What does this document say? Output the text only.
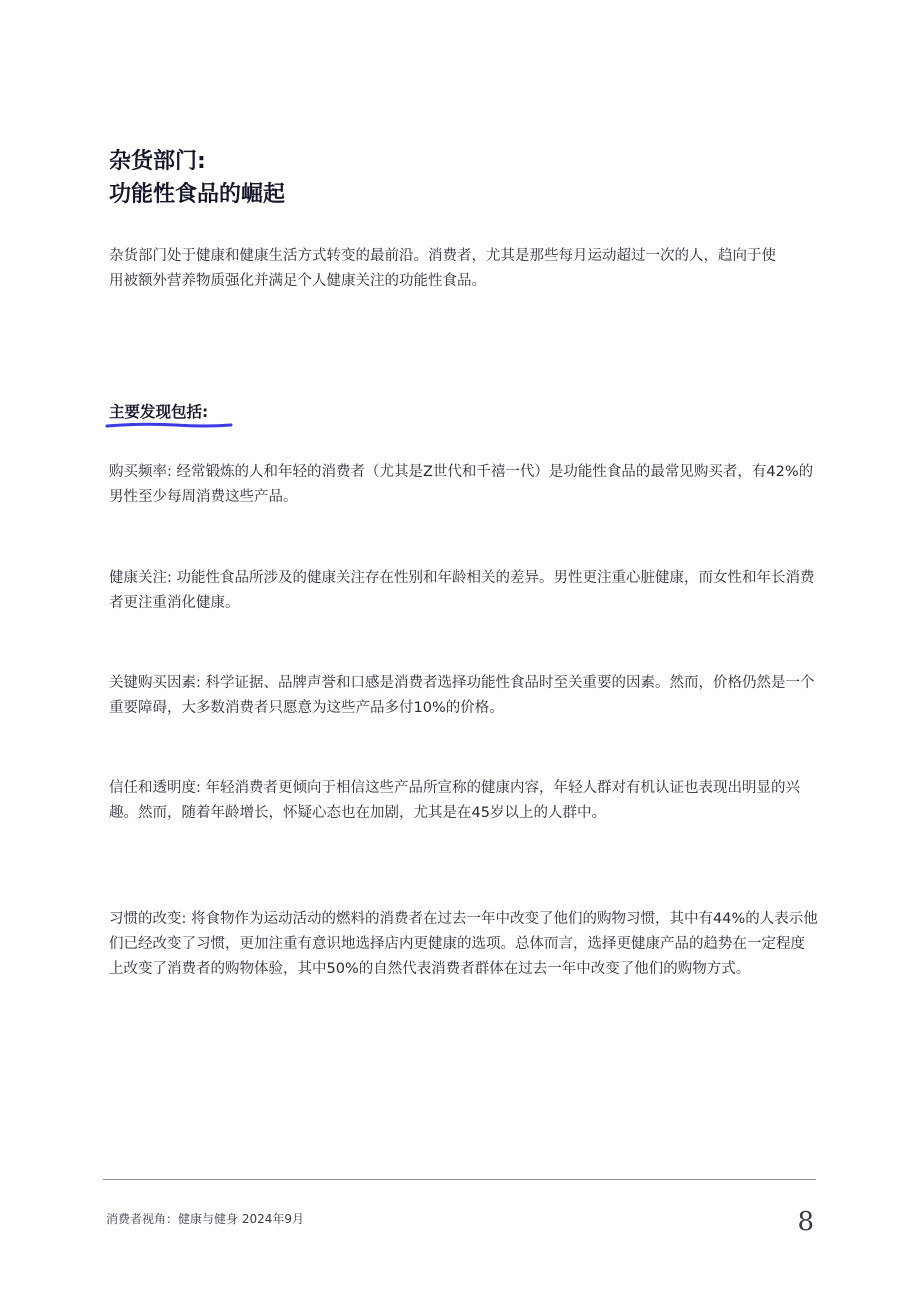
杂货部门:
功能性食品的崛起

杂货部门处于健康和健康生活方式转变的最前沿。消费者，尤其是那些每月运动超过一次的人，趋向于使用被额外营养物质强化并满足个人健康关注的功能性食品。

主要发现包括:

购买频率: 经常锻炼的人和年轻的消费者（尤其是Z世代和千禧一代）是功能性食品的最常见购买者，有42%的男性至少每周消费这些产品。

健康关注: 功能性食品所涉及的健康关注存在性别和年龄相关的差异。男性更注重心脏健康，而女性和年长消费者更注重消化健康。

关键购买因素: 科学证据、品牌声誉和口感是消费者选择功能性食品时至关重要的因素。然而，价格仍然是一个重要障碍，大多数消费者只愿意为这些产品多付10%的价格。

信任和透明度: 年轻消费者更倾向于相信这些产品所宣称的健康内容，年轻人群对有机认证也表现出明显的兴趣。然而，随着年龄增长，怀疑心态也在加剧，尤其是在45岁以上的人群中。

习惯的改变: 将食物作为运动活动的燃料的消费者在过去一年中改变了他们的购物习惯，其中有44%的人表示他们已经改变了习惯，更加注重有意识地选择店内更健康的选项。总体而言，选择更健康产品的趋势在一定程度上改变了消费者的购物体验，其中50%的自然代表消费者群体在过去一年中改变了他们的购物方式。

消费者视角：健康与健身 2024年9月	8
